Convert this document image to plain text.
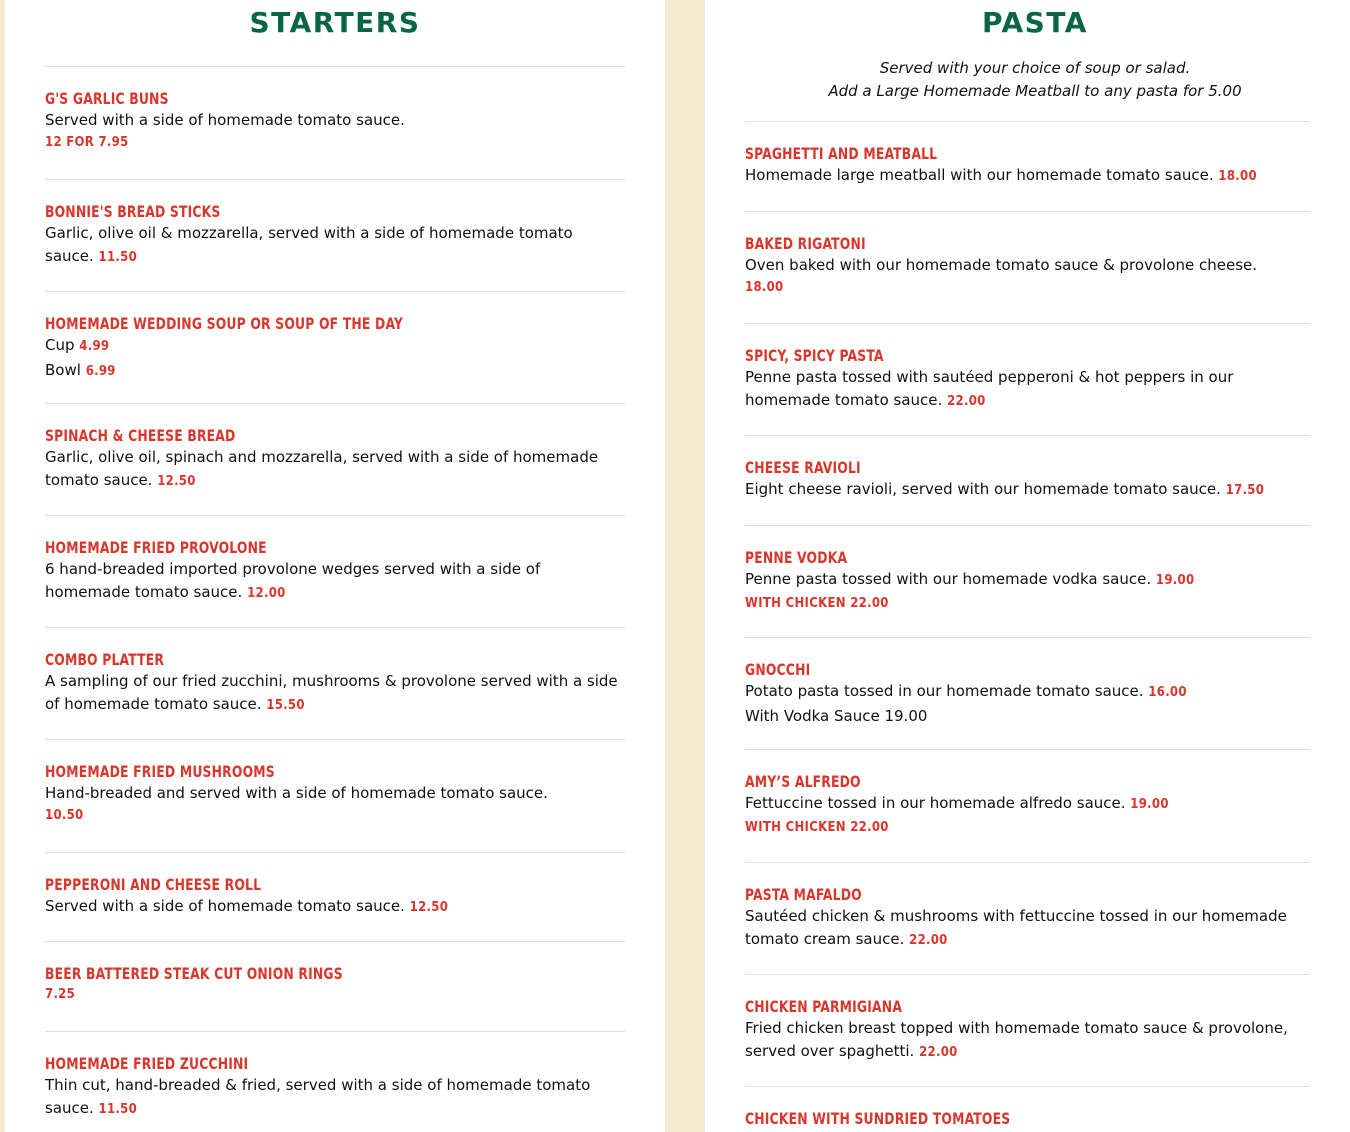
STARTERS
G'S GARLIC BUNS
Served with a side of homemade tomato sauce.
12 FOR 7.95
BONNIE'S BREAD STICKS
Garlic, olive oil & mozzarella, served with a side of homemade tomato sauce. 11.50
HOMEMADE WEDDING SOUP OR SOUP OF THE DAY
Cup 4.99
Bowl 6.99
SPINACH & CHEESE BREAD
Garlic, olive oil, spinach and mozzarella, served with a side of homemade tomato sauce. 12.50
HOMEMADE FRIED PROVOLONE
6 hand-breaded imported provolone wedges served with a side of homemade tomato sauce. 12.00
COMBO PLATTER
A sampling of our fried zucchini, mushrooms & provolone served with a side of homemade tomato sauce. 15.50
HOMEMADE FRIED MUSHROOMS
Hand-breaded and served with a side of homemade tomato sauce.
10.50
PEPPERONI AND CHEESE ROLL
Served with a side of homemade tomato sauce. 12.50
BEER BATTERED STEAK CUT ONION RINGS
7.25
HOMEMADE FRIED ZUCCHINI
Thin cut, hand-breaded & fried, served with a side of homemade tomato sauce. 11.50
PASTA
Served with your choice of soup or salad.
Add a Large Homemade Meatball to any pasta for 5.00
SPAGHETTI AND MEATBALL
Homemade large meatball with our homemade tomato sauce. 18.00
BAKED RIGATONI
Oven baked with our homemade tomato sauce & provolone cheese.
18.00
SPICY, SPICY PASTA
Penne pasta tossed with sautéed pepperoni & hot peppers in our homemade tomato sauce. 22.00
CHEESE RAVIOLI
Eight cheese ravioli, served with our homemade tomato sauce. 17.50
PENNE VODKA
Penne pasta tossed with our homemade vodka sauce. 19.00
WITH CHICKEN 22.00
GNOCCHI
Potato pasta tossed in our homemade tomato sauce. 16.00
With Vodka Sauce 19.00
AMY’S ALFREDO
Fettuccine tossed in our homemade alfredo sauce. 19.00
WITH CHICKEN 22.00
PASTA MAFALDO
Sautéed chicken & mushrooms with fettuccine tossed in our homemade tomato cream sauce. 22.00
CHICKEN PARMIGIANA
Fried chicken breast topped with homemade tomato sauce & provolone, served over spaghetti. 22.00
CHICKEN WITH SUNDRIED TOMATOES
